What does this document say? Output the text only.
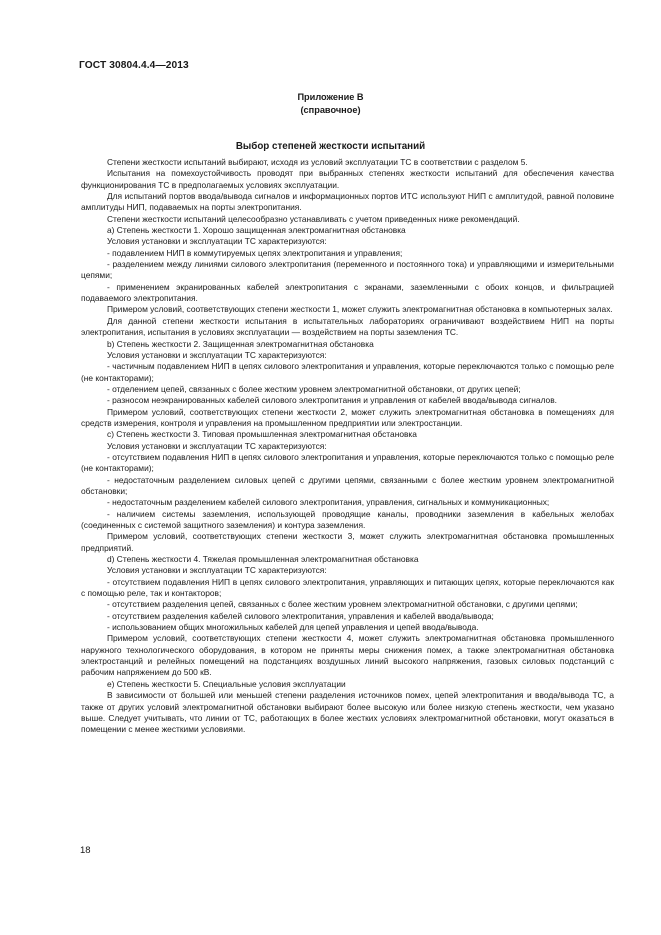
ГОСТ 30804.4.4—2013
Приложение В
(справочное)
Выбор степеней жесткости испытаний

Степени жесткости испытаний выбирают, исходя из условий эксплуатации ТС в соответствии с разделом 5.

Испытания на помехоустойчивость проводят при выбранных степенях жесткости испытаний для обеспечения качества функционирования ТС в предполагаемых условиях эксплуатации.

Для испытаний портов ввода/вывода сигналов и информационных портов ИТС используют НИП с амплитудой, равной половине амплитуды НИП, подаваемых на порты электропитания.

Степени жесткости испытаний целесообразно устанавливать с учетом приведенных ниже рекомендаций.

а) Степень жесткости 1. Хорошо защищенная электромагнитная обстановка

Условия установки и эксплуатации ТС характеризуются:

- подавлением НИП в коммутируемых цепях электропитания и управления;

- разделением между линиями силового электропитания (переменного и постоянного тока) и управляющими и измерительными цепями;

- применением экранированных кабелей электропитания с экранами, заземленными с обоих концов, и фильтрацией подаваемого электропитания.

Примером условий, соответствующих степени жесткости 1, может служить электромагнитная обстановка в компьютерных залах.

Для данной степени жесткости испытания в испытательных лабораториях ограничивают воздействием НИП на порты электропитания, испытания в условиях эксплуатации — воздействием на порты заземления ТС.

b) Степень жесткости 2. Защищенная электромагнитная обстановка

Условия установки и эксплуатации ТС характеризуются:

- частичным подавлением НИП в цепях силового электропитания и управления, которые переключаются только с помощью реле (не контакторами);

- отделением цепей, связанных с более жестким уровнем электромагнитной обстановки, от других цепей;

- разносом неэкранированных кабелей силового электропитания и управления от кабелей ввода/вывода сигналов.

Примером условий, соответствующих степени жесткости 2, может служить электромагнитная обстановка в помещениях для средств измерения, контроля и управления на промышленном предприятии или электростанции.

с) Степень жесткости 3. Типовая промышленная электромагнитная обстановка

Условия установки и эксплуатации ТС характеризуются:

- отсутствием подавления НИП в цепях силового электропитания и управления, которые переключаются только с помощью реле (не контакторами);

- недостаточным разделением силовых цепей с другими цепями, связанными с более жестким уровнем электромагнитной обстановки;

- недостаточным разделением кабелей силового электропитания, управления, сигнальных и коммуникационных;

- наличием системы заземления, использующей проводящие каналы, проводники заземления в кабельных желобах (соединенных с системой защитного заземления) и контура заземления.

Примером условий, соответствующих степени жесткости 3, может служить электромагнитная обстановка промышленных предприятий.

d) Степень жесткости 4. Тяжелая промышленная электромагнитная обстановка

Условия установки и эксплуатации ТС характеризуются:

- отсутствием подавления НИП в цепях силового электропитания, управляющих и питающих цепях, которые переключаются как с помощью реле, так и контакторов;

- отсутствием разделения цепей, связанных с более жестким уровнем электромагнитной обстановки, с другими цепями;

- отсутствием разделения кабелей силового электропитания, управления и кабелей ввода/вывода;

- использованием общих многожильных кабелей для цепей управления и цепей ввода/вывода.

Примером условий, соответствующих степени жесткости 4, может служить электромагнитная обстановка промышленного наружного технологического оборудования, в котором не приняты меры снижения помех, а также электромагнитная обстановка электростанций и релейных помещений на подстанциях воздушных линий высокого напряжения, газовых силовых подстанций с рабочим напряжением до 500 кВ.

е) Степень жесткости 5. Специальные условия эксплуатации

В зависимости от большей или меньшей степени разделения источников помех, цепей электропитания и ввода/вывода ТС, а также от других условий электромагнитной обстановки выбирают более высокую или более низкую степень жесткости, чем указано выше. Следует учитывать, что линии от ТС, работающих в более жестких условиях электромагнитной обстановки, могут оказаться в помещении с менее жесткими условиями.

18
